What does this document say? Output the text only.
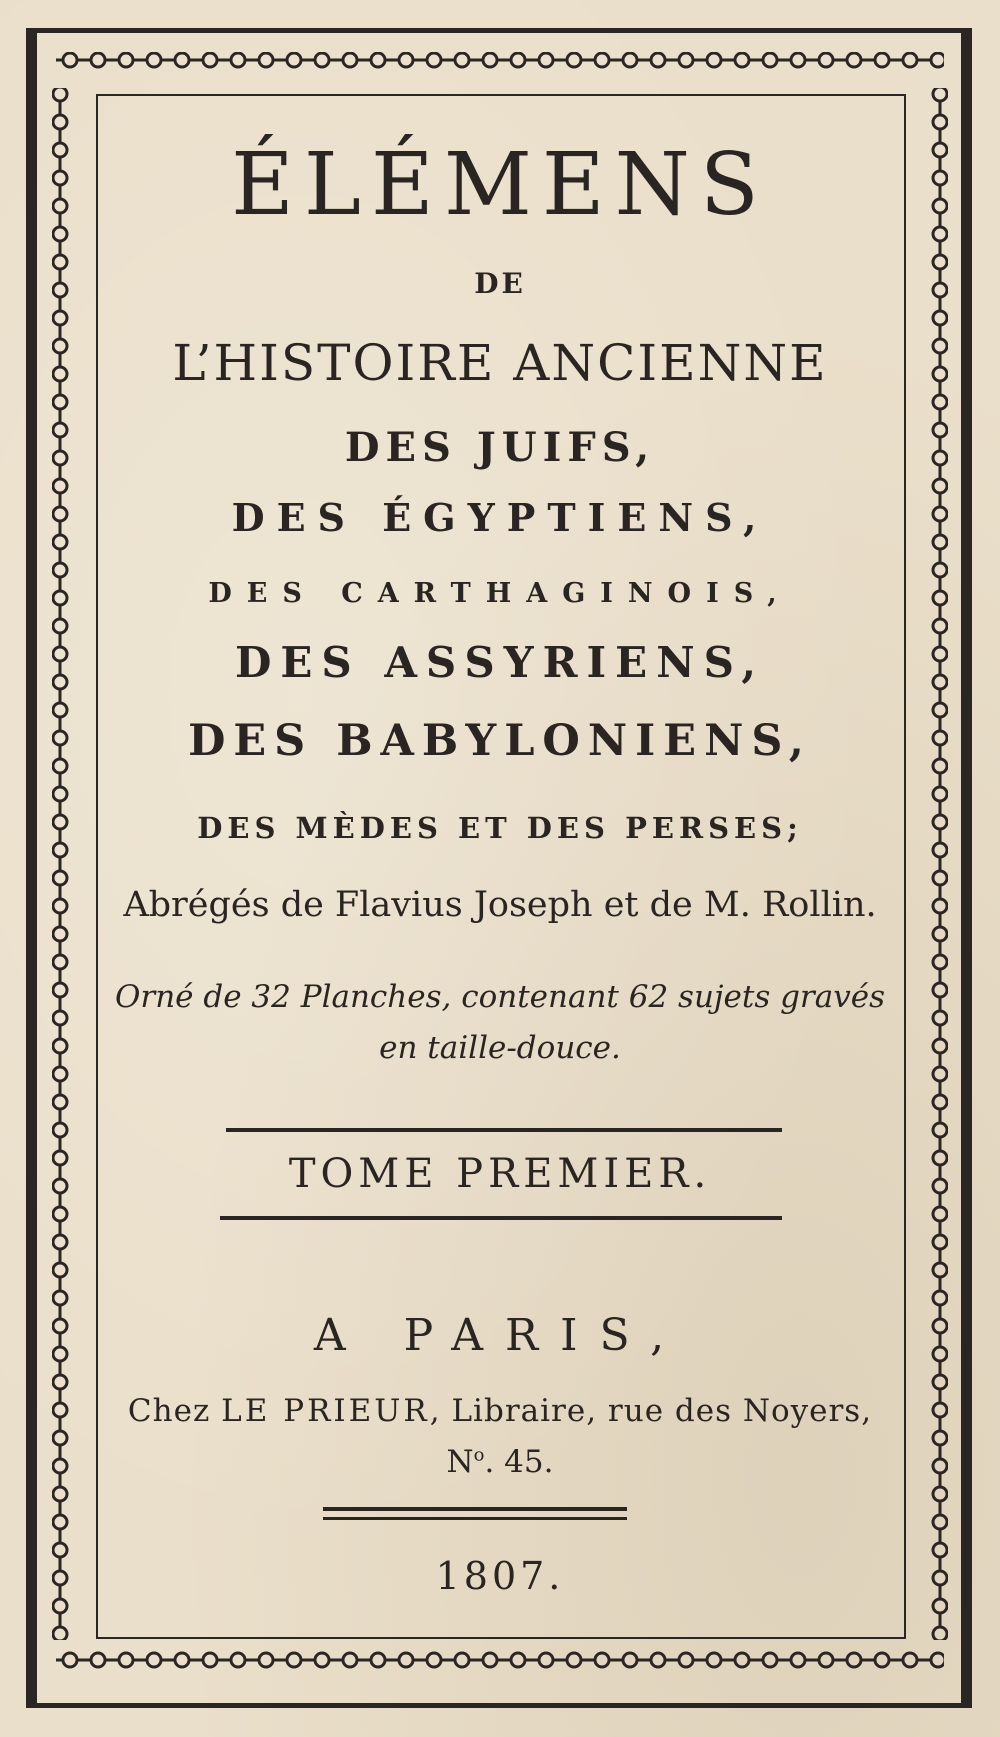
ÉLÉMENS
DE
L’HISTOIRE ANCIENNE
DES JUIFS,
DES ÉGYPTIENS,
DES CARTHAGINOIS,
DES ASSYRIENS,
DES BABYLONIENS,
DES MÈDES ET DES PERSES;
Abrégés de Flavius Joseph et de M. Rollin.
Orné de 32 Planches, contenant 62 sujets gravés
en taille-douce.
TOME PREMIER.
A PARIS,
Chez LE PRIEUR, Libraire, rue des Noyers,
$N^o$. 45.
1807.
